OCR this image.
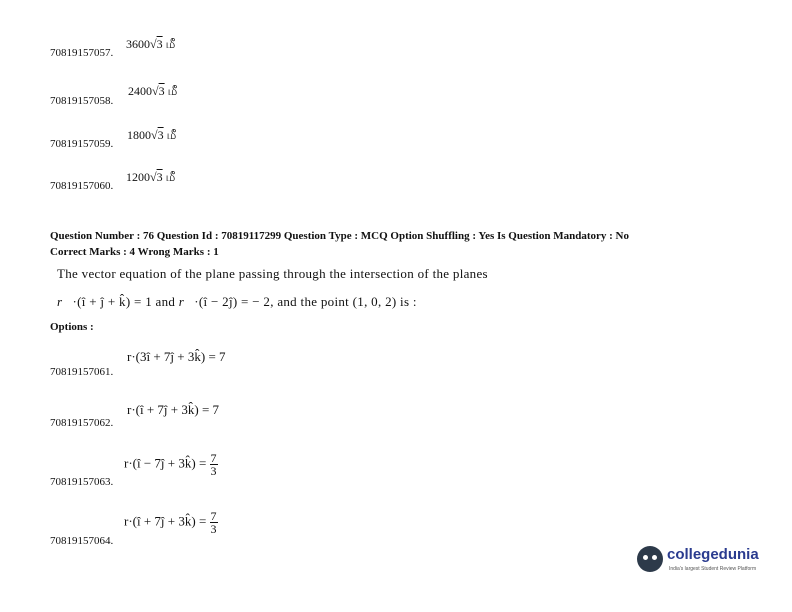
70819157057.
3600√3 மீ
70819157058.
2400√3 மீ
70819157059.
1800√3 மீ
70819157060.
1200√3 மீ
Question Number : 76 Question Id : 70819117299 Question Type : MCQ Option Shuffling : Yes Is Question Mandatory : No
Correct Marks : 4 Wrong Marks : 1
The vector equation of the plane passing through the intersection of the planes
r⃗·(î + ĵ + k̂) = 1 and r⃗·(î − 2ĵ) = − 2, and the point (1, 0, 2) is :
Options :
70819157061.
r·(3î + 7ĵ + 3k̂) = 7
70819157062.
r·(î + 7ĵ + 3k̂) = 7
70819157063.
r·(î − 7ĵ + 3k̂) = $\frac{7}{3}$
70819157064.
r·(î + 7ĵ + 3k̂) = $\frac{7}{3}$
collegedunia
India's largest Student Review Platform
